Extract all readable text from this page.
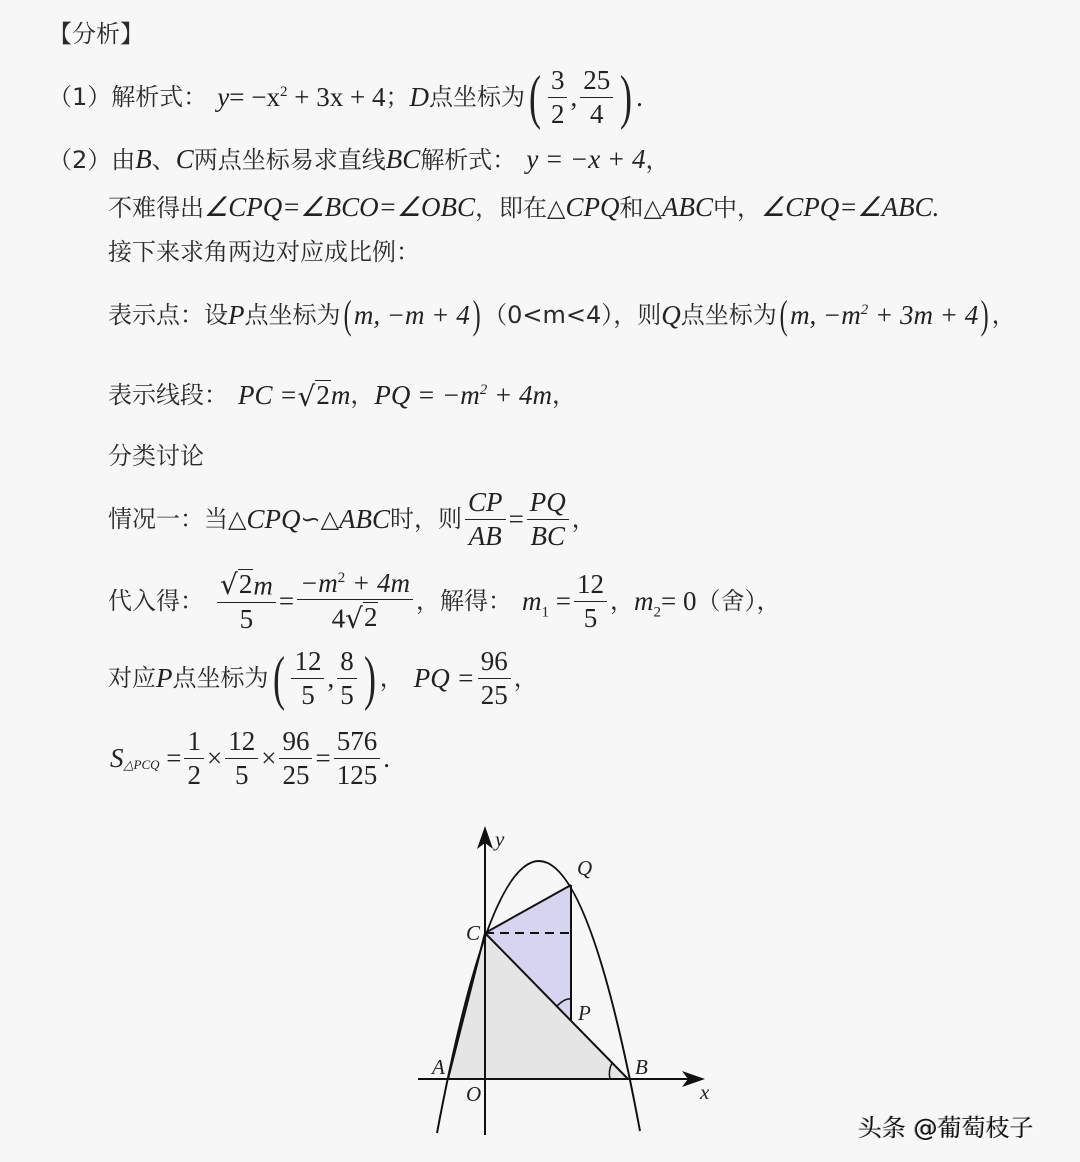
【分析】
（1）解析式： $y = -x^2 + 3x + 4$ ； D 点坐标为 ( $\frac{3}{2}$ , $\frac{25}{4}$ ) .
（2）由 B 、 C 两点坐标易求直线 BC 解析式： y = −x + 4 ，
不难得出 ∠CPQ=∠BCO=∠OBC ，即在△ CPQ 和△ ABC 中， ∠CPQ=∠ABC.
接下来求角两边对应成比例：
表示点：设 P 点坐标为 ( m, −m + 4 ) （0<m<4），则 Q 点坐标为 ( m, $-m^2 + 3m + 4$ ) ，
表示线段： PC = √ 2 m ， PQ = $-m^2 + 4m$ ，
分类讨论
情况一：当△ CPQ ∽△ ABC 时，则 $\frac{CP}{AB} = \frac{PQ}{BC}$ ，
代入得： $\frac{√ 2 m}{5} = \frac{-m^2 + 4m}{4 √ 2}$ ，解得： $m_1 = \frac{12}{5}$ ， $m_2 = 0$ （舍），
对应 P 点坐标为 ( $\frac{12}{5}$ , $\frac{8}{5}$ ) ， PQ = $\frac{96}{25}$ ，
S △PCQ = $\frac{1}{2} \times \frac{12}{5} \times \frac{96}{25} = \frac{576}{125}$ .
y
x
O
A	B
C
P
Q
头条 @葡萄枝子
